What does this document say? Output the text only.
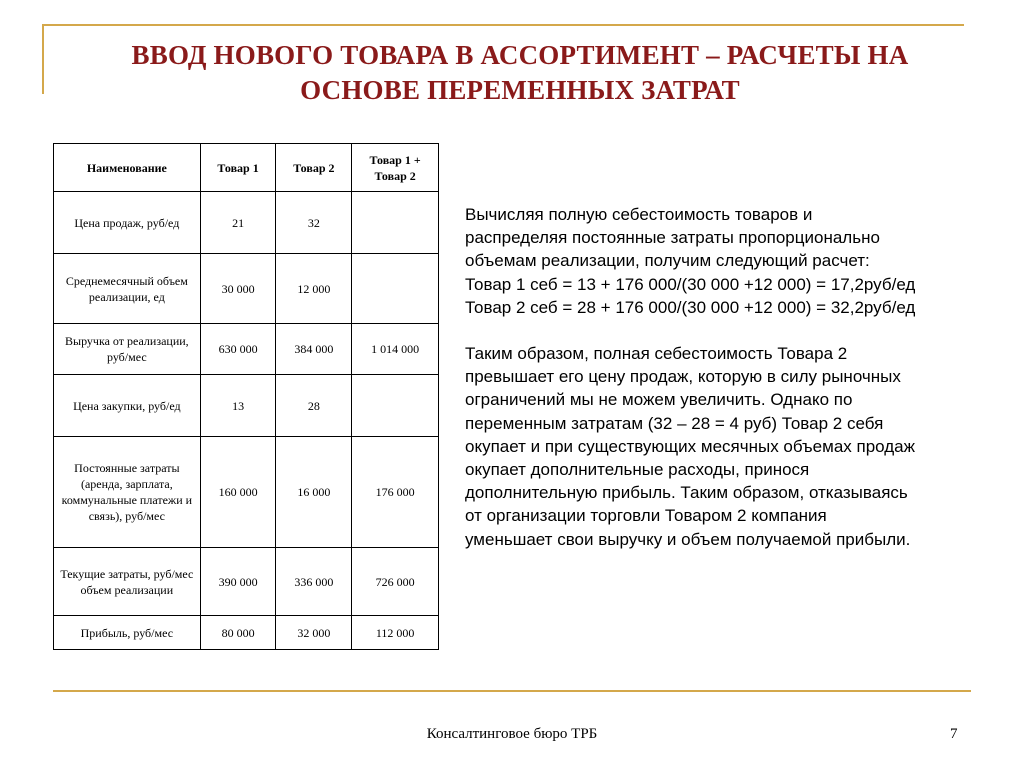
ВВОД НОВОГО ТОВАРА В АССОРТИМЕНТ – РАСЧЕТЫ НА
ОСНОВЕ ПЕРЕМЕННЫХ ЗАТРАТ
Наименование	Товар 1	Товар 2	Товар 1 +
Товар 2
Цена продаж, руб/ед	21	32	
Среднемесячный объем реализации, ед	30 000	12 000	
Выручка от реализации, руб/мес	630 000	384 000	1 014 000
Цена закупки, руб/ед	13	28	
Постоянные затраты (аренда, зарплата, коммунальные платежи и связь), руб/мес	160 000	16 000	176 000
Текущие затраты, руб/мес объем реализации	390 000	336 000	726 000
Прибыль, руб/мес	80 000	32 000	112 000

Вычисляя полную себестоимость товаров и
распределяя постоянные затраты пропорционально
объемам реализации, получим следующий расчет:
Товар 1 себ = 13 + 176 000/(30 000 +12 000) = 17,2руб/ед
Товар 2 себ = 28 + 176 000/(30 000 +12 000) = 32,2руб/ед

Таким образом, полная себестоимость Товара 2
превышает его цену продаж, которую в силу рыночных
ограничений мы не можем увеличить. Однако по
переменным затратам (32 – 28 = 4 руб) Товар 2 себя
окупает и при существующих месячных объемах продаж
окупает дополнительные расходы, принося
дополнительную прибыль. Таким образом, отказываясь
от организации торговли Товаром 2 компания
уменьшает свои выручку и объем получаемой прибыли.

Консалтинговое бюро ТРБ	7
